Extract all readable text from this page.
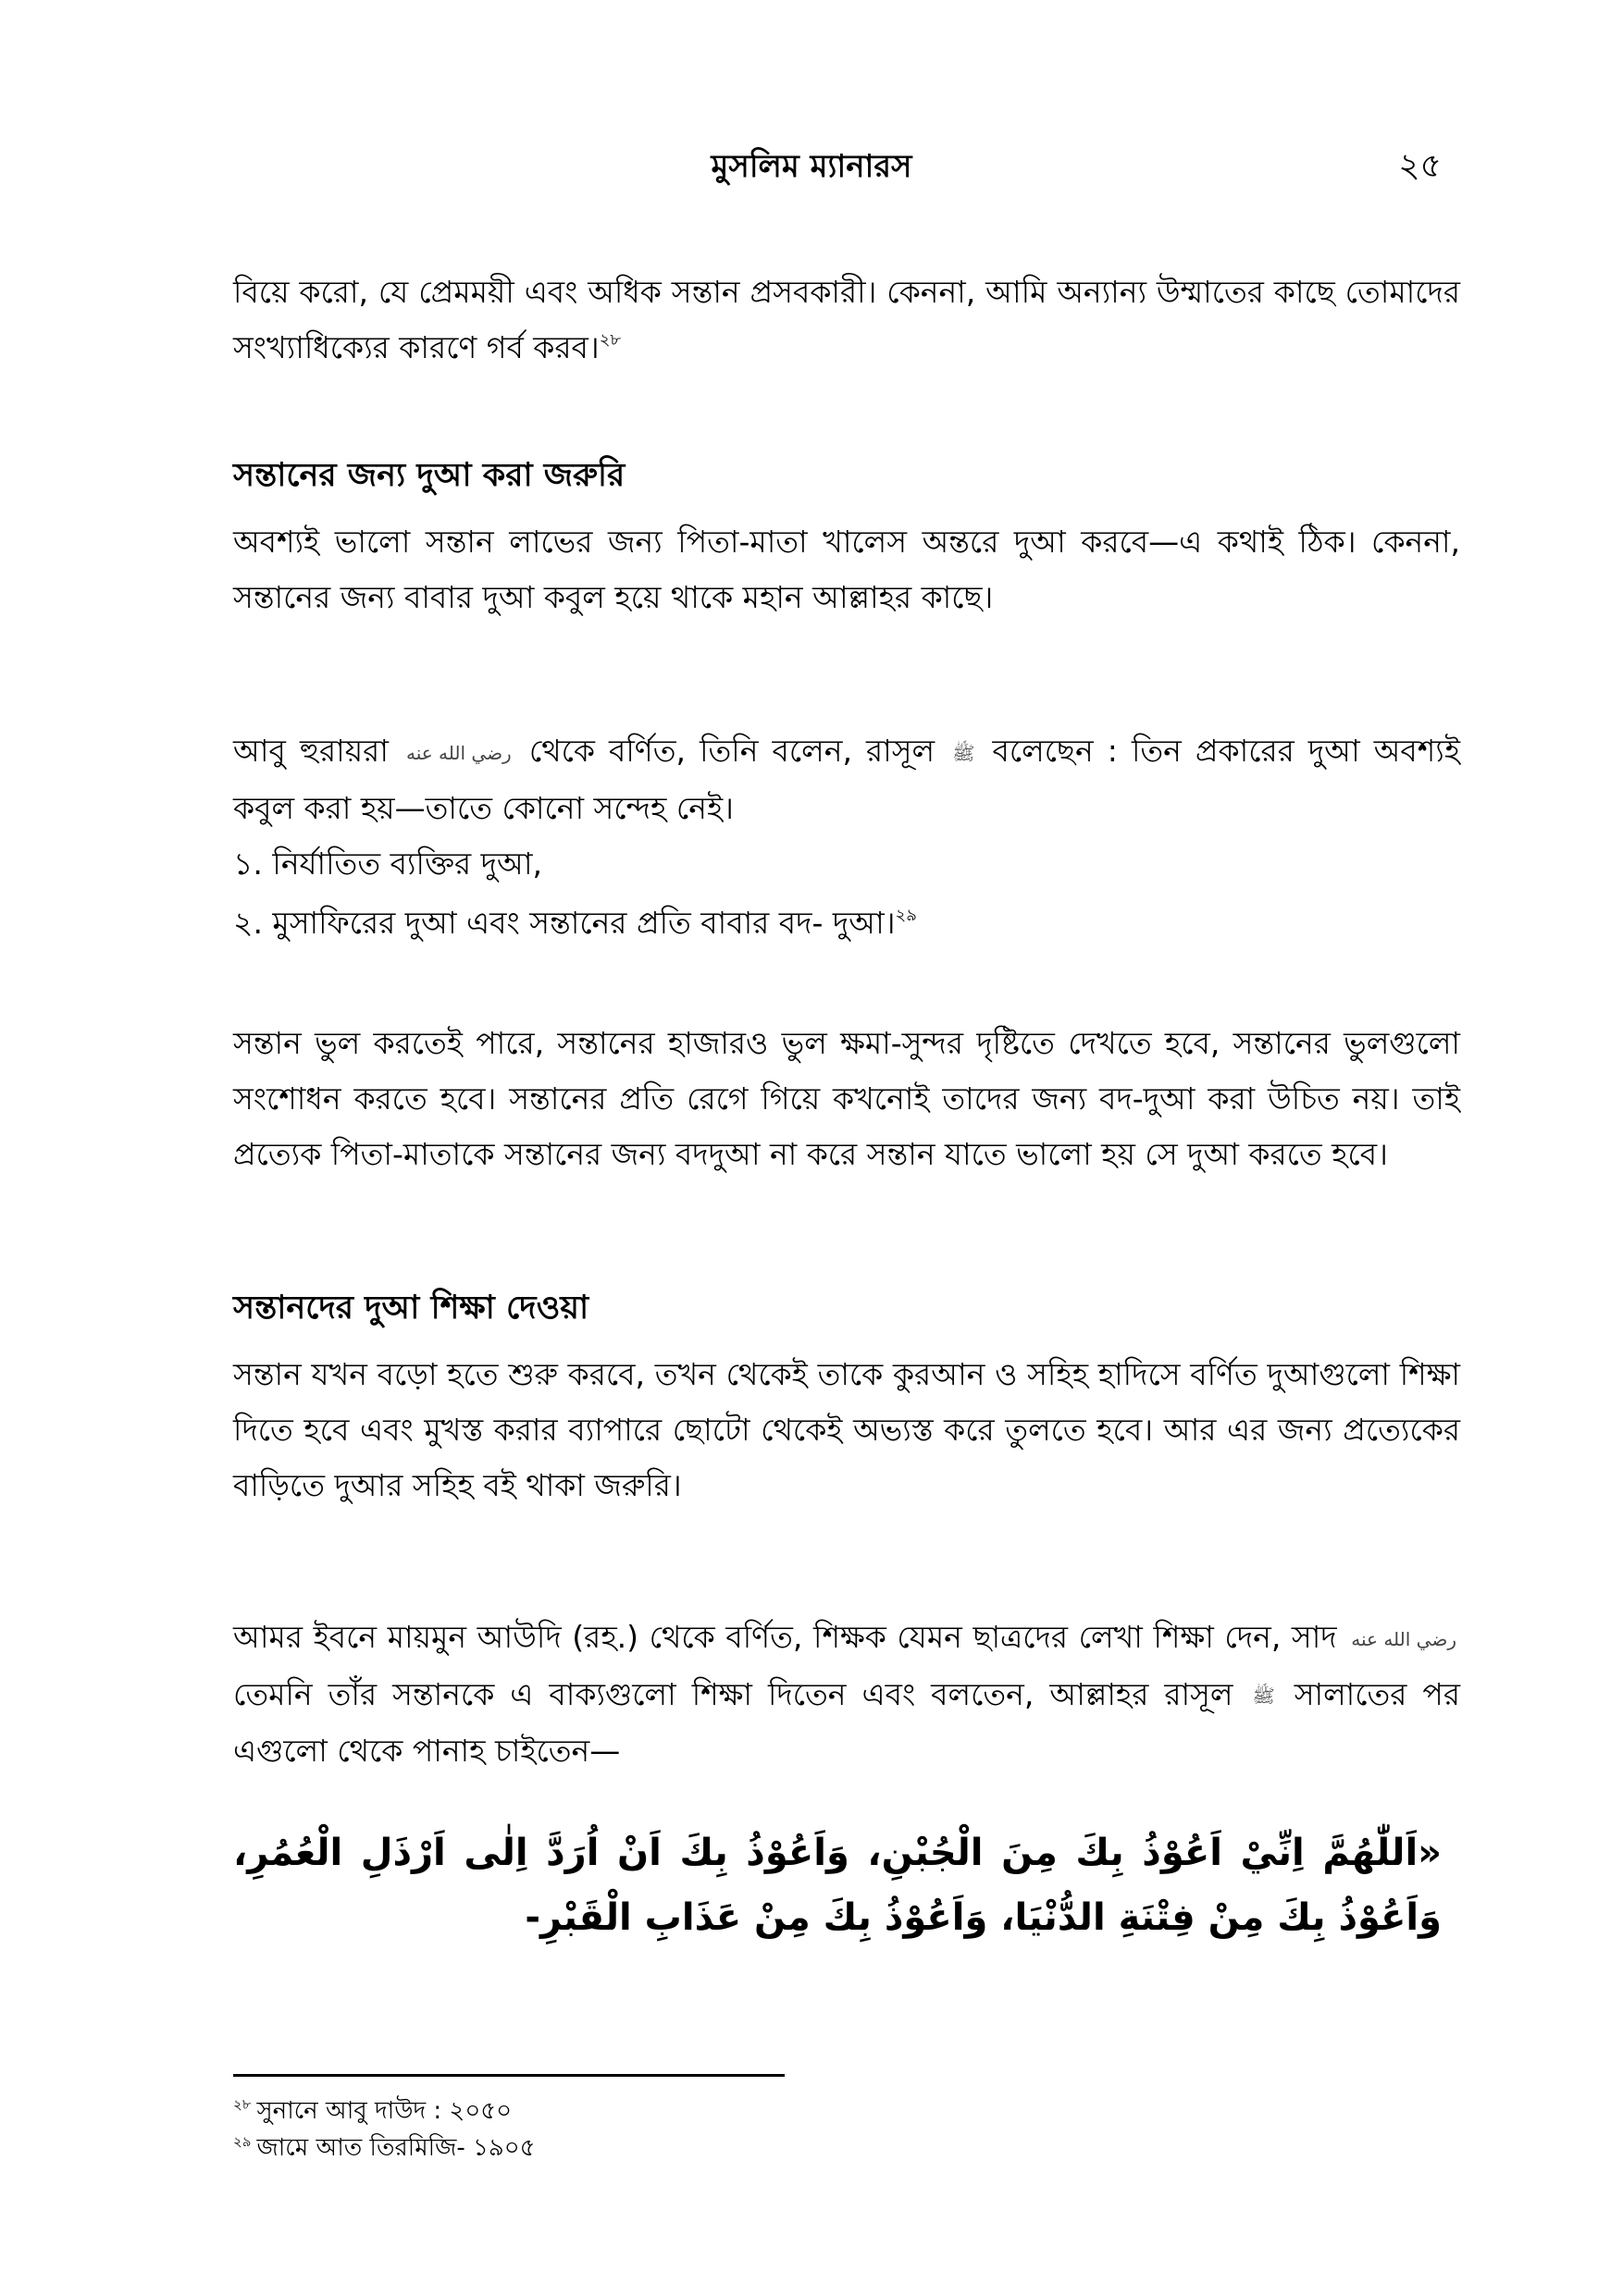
মুসলিম ম্যানারস	২৫

বিয়ে করো, যে প্রেমময়ী এবং অধিক সন্তান প্রসবকারী। কেননা, আমি অন্যান্য উম্মাতের কাছে তোমাদের সংখ্যাধিক্যের কারণে গর্ব করব।$^{২৮}$

সন্তানের জন্য দুআ করা জরুরি

অবশ্যই ভালো সন্তান লাভের জন্য পিতা-মাতা খালেস অন্তরে দুআ করবে—এ কথাই ঠিক। কেননা, সন্তানের জন্য বাবার দুআ কবুল হয়ে থাকে মহান আল্লাহর কাছে।

আবু হুরায়রা رضي الله عنه থেকে বর্ণিত, তিনি বলেন, রাসূল ﷺ বলেছেন : তিন প্রকারের দুআ অবশ্যই কবুল করা হয়—তাতে কোনো সন্দেহ নেই।

১. নির্যাতিত ব্যক্তির দুআ,

২. মুসাফিরের দুআ এবং সন্তানের প্রতি বাবার বদ- দুআ।$^{২৯}$

সন্তান ভুল করতেই পারে, সন্তানের হাজারও ভুল ক্ষমা-সুন্দর দৃষ্টিতে দেখতে হবে, সন্তানের ভুলগুলো সংশোধন করতে হবে। সন্তানের প্রতি রেগে গিয়ে কখনোই তাদের জন্য বদ-দুআ করা উচিত নয়। তাই প্রত্যেক পিতা-মাতাকে সন্তানের জন্য বদদুআ না করে সন্তান যাতে ভালো হয় সে দুআ করতে হবে।

সন্তানদের দুআ শিক্ষা দেওয়া

সন্তান যখন বড়ো হতে শুরু করবে, তখন থেকেই তাকে কুরআন ও সহিহ হাদিসে বর্ণিত দুআগুলো শিক্ষা দিতে হবে এবং মুখস্ত করার ব্যাপারে ছোটো থেকেই অভ্যস্ত করে তুলতে হবে। আর এর জন্য প্রত্যেকের বাড়িতে দুআর সহিহ বই থাকা জরুরি।

আমর ইবনে মায়মুন আউদি (রহ.) থেকে বর্ণিত, শিক্ষক যেমন ছাত্রদের লেখা শিক্ষা দেন, সাদ رضي الله عنه তেমনি তাঁর সন্তানকে এ বাক্যগুলো শিক্ষা দিতেন এবং বলতেন, আল্লাহর রাসূল ﷺ সালাতের পর এগুলো থেকে পানাহ চাইতেন—

«اَللّٰهُمَّ اِنِّيْ اَعُوْذُ بِكَ مِنَ الْجُبْنِ، وَاَعُوْذُ بِكَ اَنْ اُرَدَّ اِلٰى اَرْذَلِ الْعُمُرِ، وَاَعُوْذُ بِكَ مِنْ فِتْنَةِ الدُّنْيَا، وَاَعُوْذُ بِكَ مِنْ عَذَابِ الْقَبْرِ-

$^{২৮}$ সুনানে আবু দাউদ : ২০৫০

$^{২৯}$ জামে আত তিরমিজি- ১৯০৫
